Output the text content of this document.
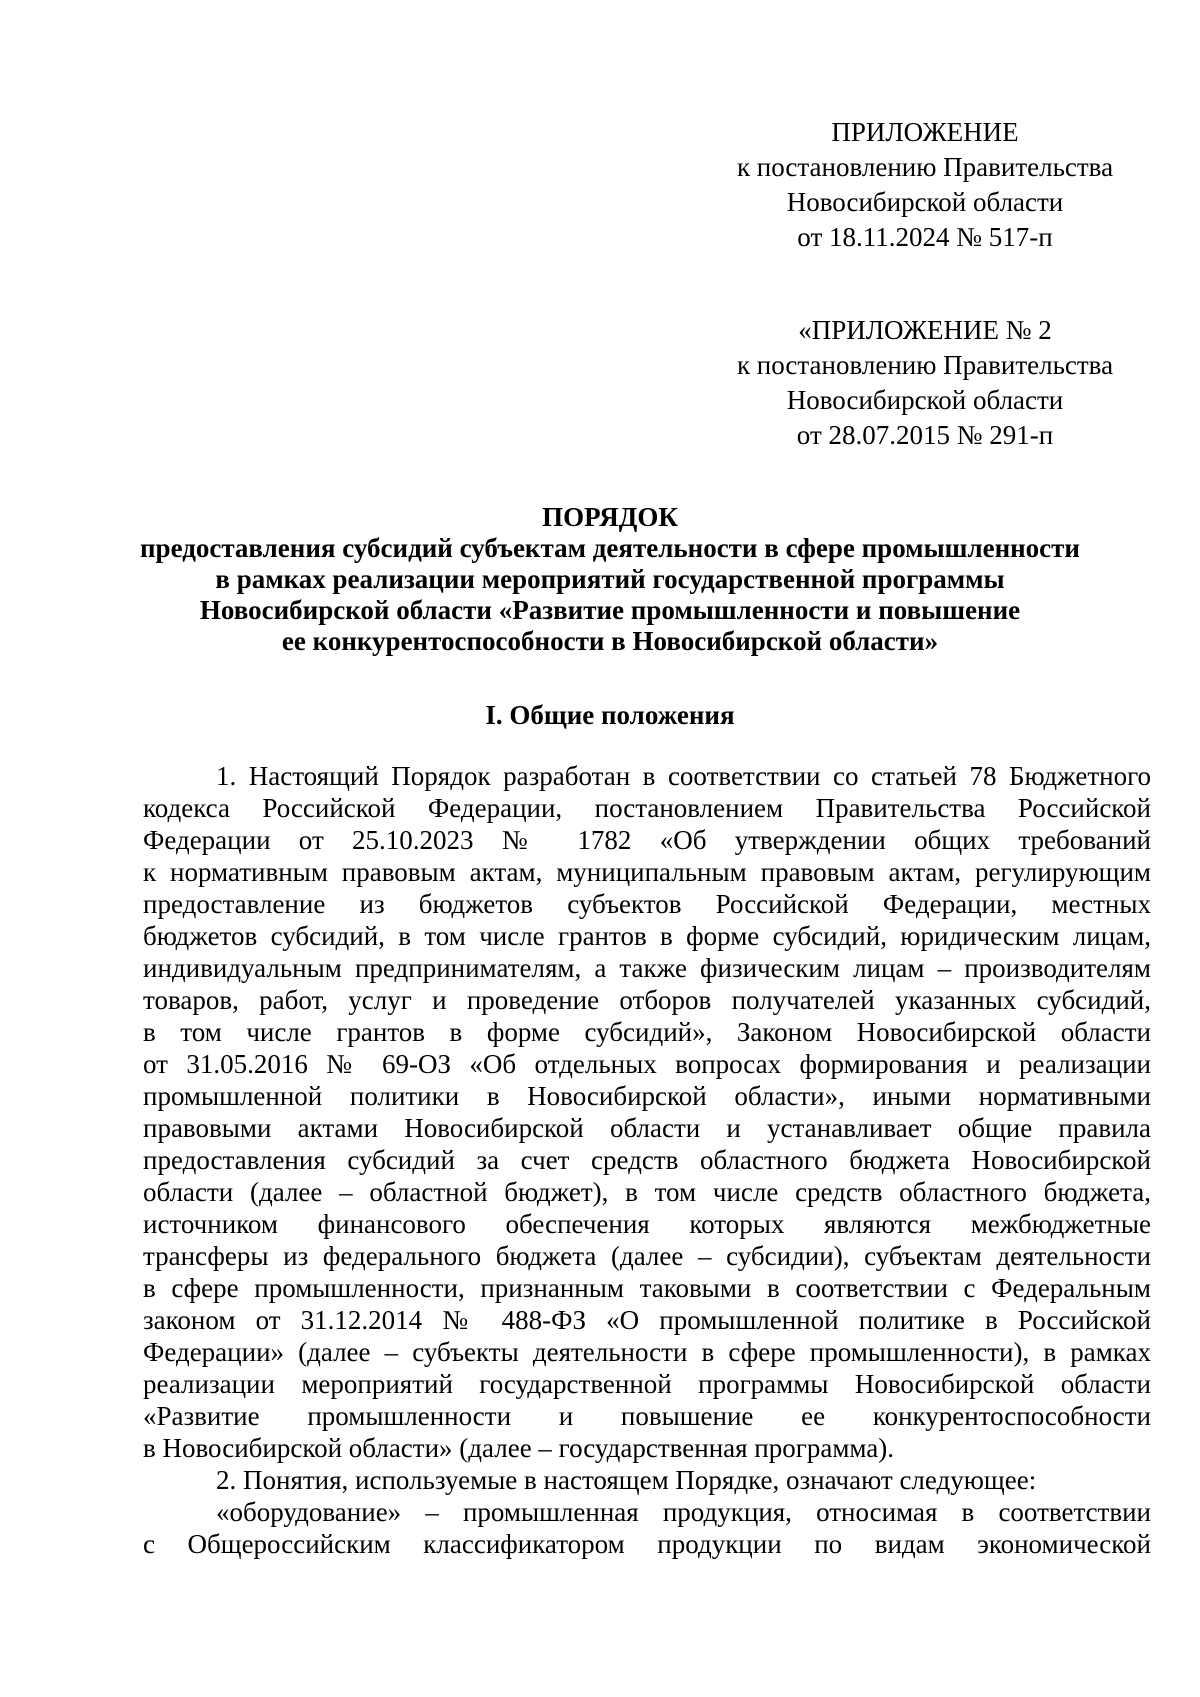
ПРИЛОЖЕНИЕ
к постановлению Правительства
Новосибирской области
от 18.11.2024 № 517-п
«ПРИЛОЖЕНИЕ № 2
к постановлению Правительства
Новосибирской области
от 28.07.2015 № 291-п
ПОРЯДОК
предоставления субсидий субъектам деятельности в сфере промышленности
в рамках реализации мероприятий государственной программы
Новосибирской области «Развитие промышленности и повышение
ее конкурентоспособности в Новосибирской области»
I. Общие положения
1. Настоящий Порядок разработан в соответствии со статьей 78 Бюджетного
кодекса Российской Федерации, постановлением Правительства Российской
Федерации от 25.10.2023 № 1782 «Об утверждении общих требований
к нормативным правовым актам, муниципальным правовым актам, регулирующим
предоставление из бюджетов субъектов Российской Федерации, местных
бюджетов субсидий, в том числе грантов в форме субсидий, юридическим лицам,
индивидуальным предпринимателям, а также физическим лицам – производителям
товаров, работ, услуг и проведение отборов получателей указанных субсидий,
в том числе грантов в форме субсидий», Законом Новосибирской области
от 31.05.2016 № 69-ОЗ «Об отдельных вопросах формирования и реализации
промышленной политики в Новосибирской области», иными нормативными
правовыми актами Новосибирской области и устанавливает общие правила
предоставления субсидий за счет средств областного бюджета Новосибирской
области (далее – областной бюджет), в том числе средств областного бюджета,
источником финансового обеспечения которых являются межбюджетные
трансферы из федерального бюджета (далее – субсидии), субъектам деятельности
в сфере промышленности, признанным таковыми в соответствии с Федеральным
законом от 31.12.2014 № 488-ФЗ «О промышленной политике в Российской
Федерации» (далее – субъекты деятельности в сфере промышленности), в рамках
реализации мероприятий государственной программы Новосибирской области
«Развитие промышленности и повышение ее конкурентоспособности
в Новосибирской области» (далее – государственная программа).
2. Понятия, используемые в настоящем Порядке, означают следующее:
«оборудование» – промышленная продукция, относимая в соответствии
с Общероссийским классификатором продукции по видам экономической
